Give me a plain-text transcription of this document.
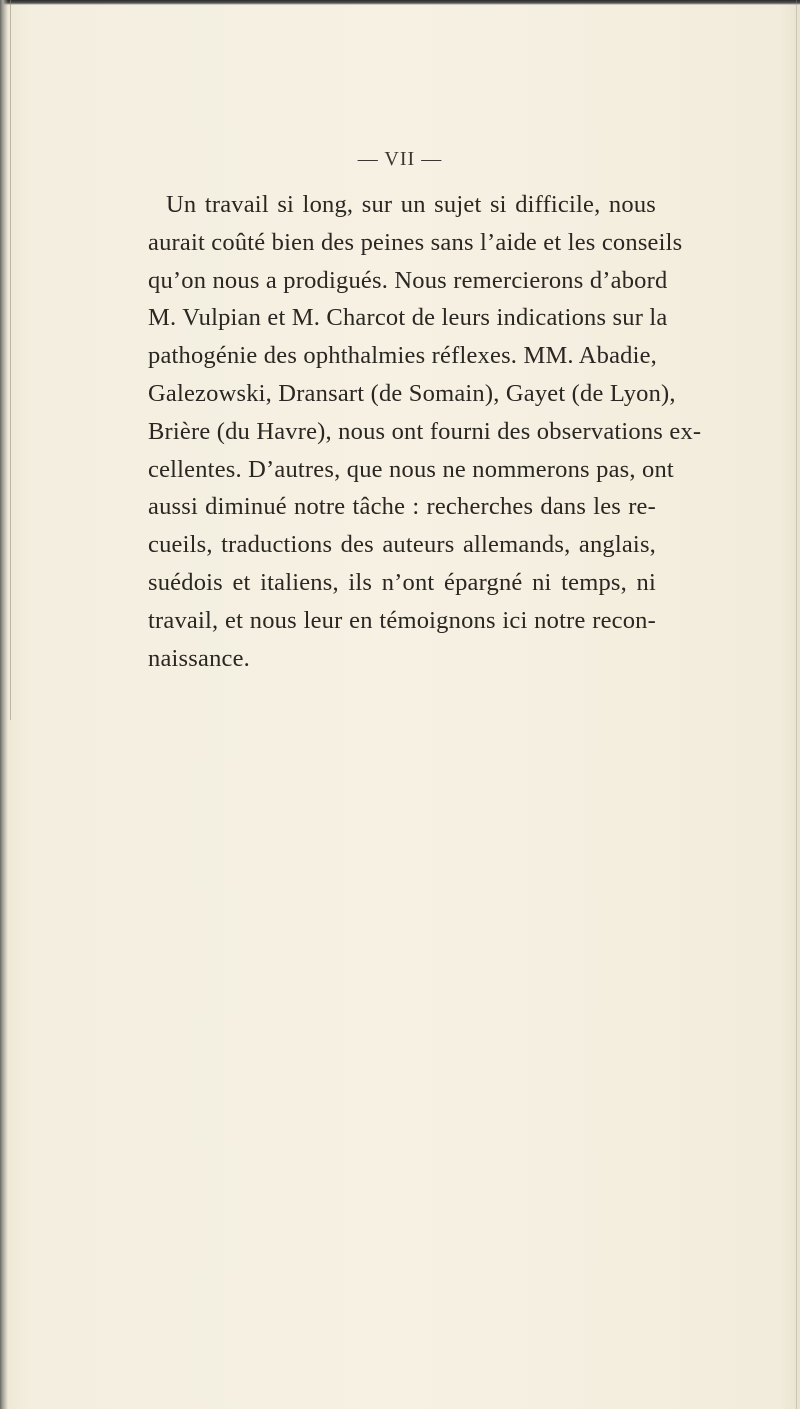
— VII —
Un travail si long, sur un sujet si difficile, nous
aurait coûté bien des peines sans l’aide et les conseils
qu’on nous a prodigués. Nous remercierons d’abord
M. Vulpian et M. Charcot de leurs indications sur la
pathogénie des ophthalmies réflexes. MM. Abadie,
Galezowski, Dransart (de Somain), Gayet (de Lyon),
Brière (du Havre), nous ont fourni des observations ex-
cellentes. D’autres, que nous ne nommerons pas, ont
aussi diminué notre tâche : recherches dans les re-
cueils, traductions des auteurs allemands, anglais,
suédois et italiens, ils n’ont épargné ni temps, ni
travail, et nous leur en témoignons ici notre recon-
naissance.
